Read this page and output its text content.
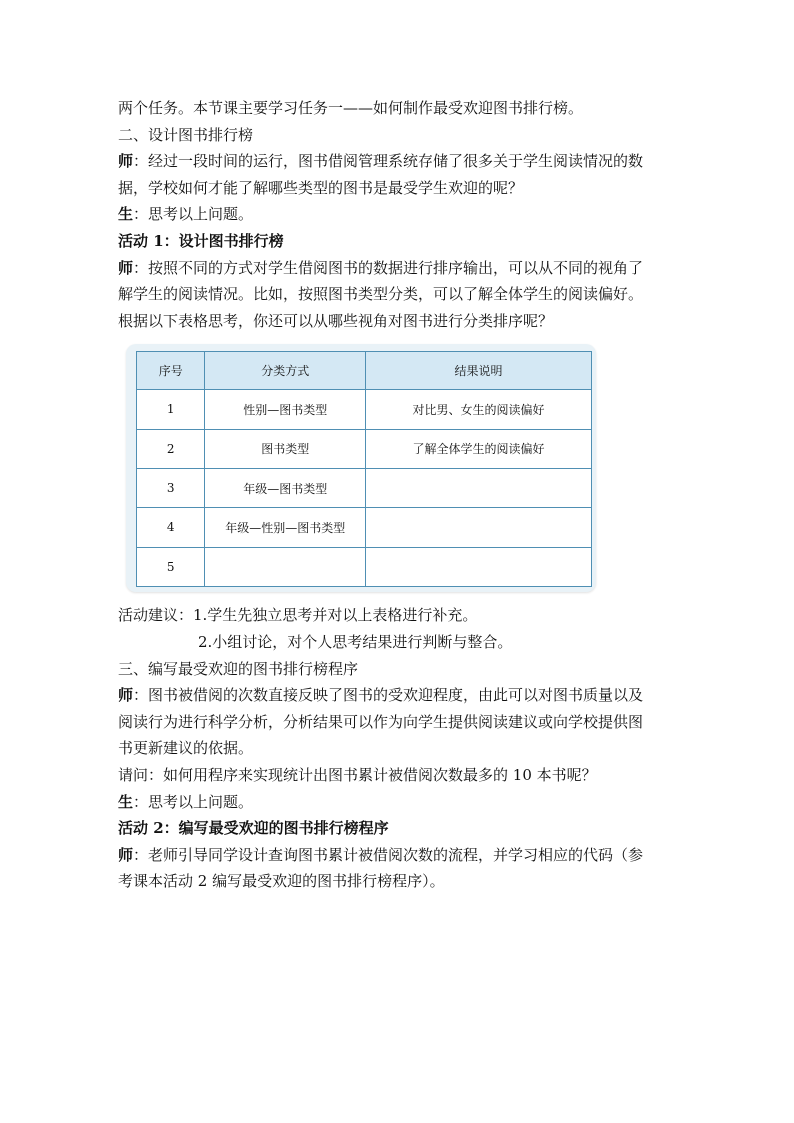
两个任务。本节课主要学习任务一——如何制作最受欢迎图书排行榜。
二、设计图书排行榜
师：经过一段时间的运行，图书借阅管理系统存储了很多关于学生阅读情况的数
据，学校如何才能了解哪些类型的图书是最受学生欢迎的呢？
生：思考以上问题。
活动 1：设计图书排行榜
师：按照不同的方式对学生借阅图书的数据进行排序输出，可以从不同的视角了
解学生的阅读情况。比如，按照图书类型分类，可以了解全体学生的阅读偏好。
根据以下表格思考，你还可以从哪些视角对图书进行分类排序呢？
序号	分类方式	结果说明
1	性别—图书类型	对比男、女生的阅读偏好
2	图书类型	了解全体学生的阅读偏好
3	年级—图书类型	
4	年级—性别—图书类型	
5		
活动建议：1.学生先独立思考并对以上表格进行补充。
2.小组讨论，对个人思考结果进行判断与整合。
三、编写最受欢迎的图书排行榜程序
师：图书被借阅的次数直接反映了图书的受欢迎程度，由此可以对图书质量以及
阅读行为进行科学分析，分析结果可以作为向学生提供阅读建议或向学校提供图
书更新建议的依据。
请问：如何用程序来实现统计出图书累计被借阅次数最多的 10 本书呢？
生：思考以上问题。
活动 2：编写最受欢迎的图书排行榜程序
师：老师引导同学设计查询图书累计被借阅次数的流程，并学习相应的代码（参
考课本活动 2 编写最受欢迎的图书排行榜程序）。
